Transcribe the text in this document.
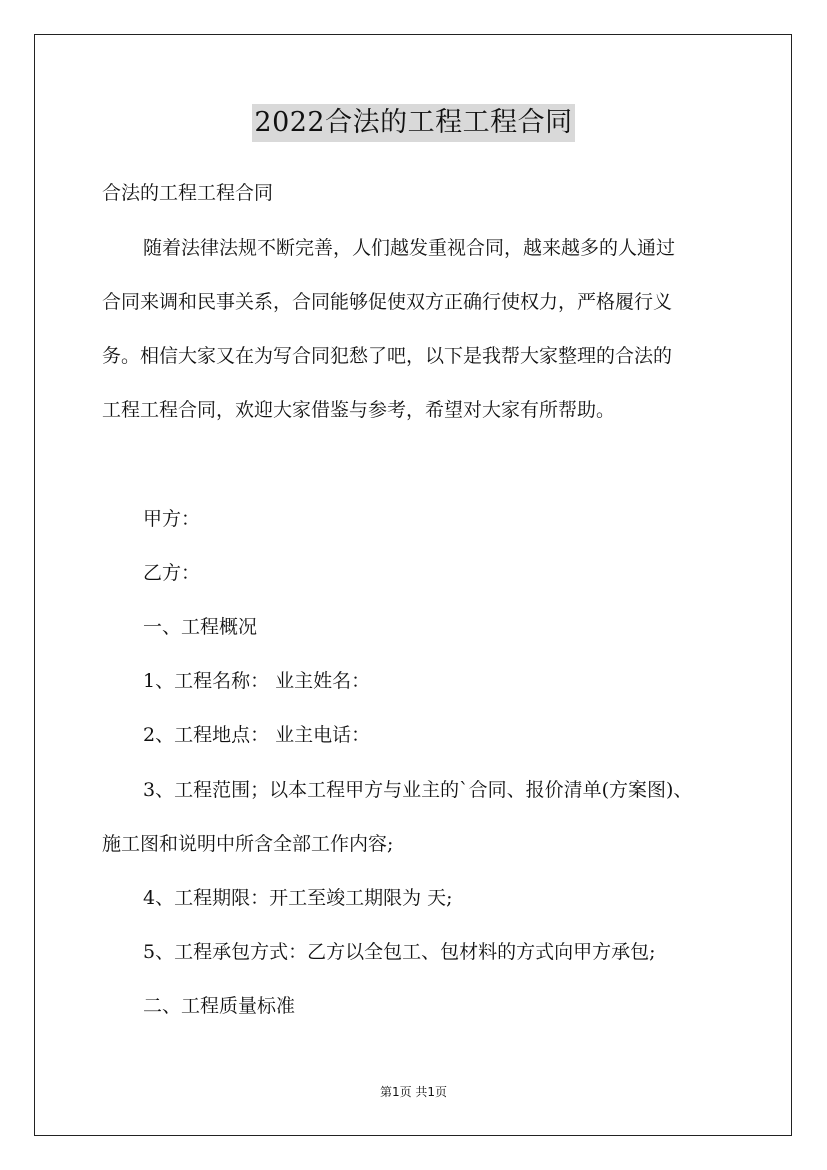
2022合法的工程工程合同
合法的工程工程合同
随着法律法规不断完善，人们越发重视合同，越来越多的人通过
合同来调和民事关系，合同能够促使双方正确行使权力，严格履行义
务。相信大家又在为写合同犯愁了吧，以下是我帮大家整理的合法的
工程工程合同，欢迎大家借鉴与参考，希望对大家有所帮助。
甲方：
乙方：
一、工程概况
1、工程名称： 业主姓名：
2、工程地点： 业主电话：
3、工程范围；以本工程甲方与业主的`合同、报价清单(方案图)、
施工图和说明中所含全部工作内容;
4、工程期限：开工至竣工期限为 天;
5、工程承包方式：乙方以全包工、包材料的方式向甲方承包;
二、工程质量标准
第1页 共1页
